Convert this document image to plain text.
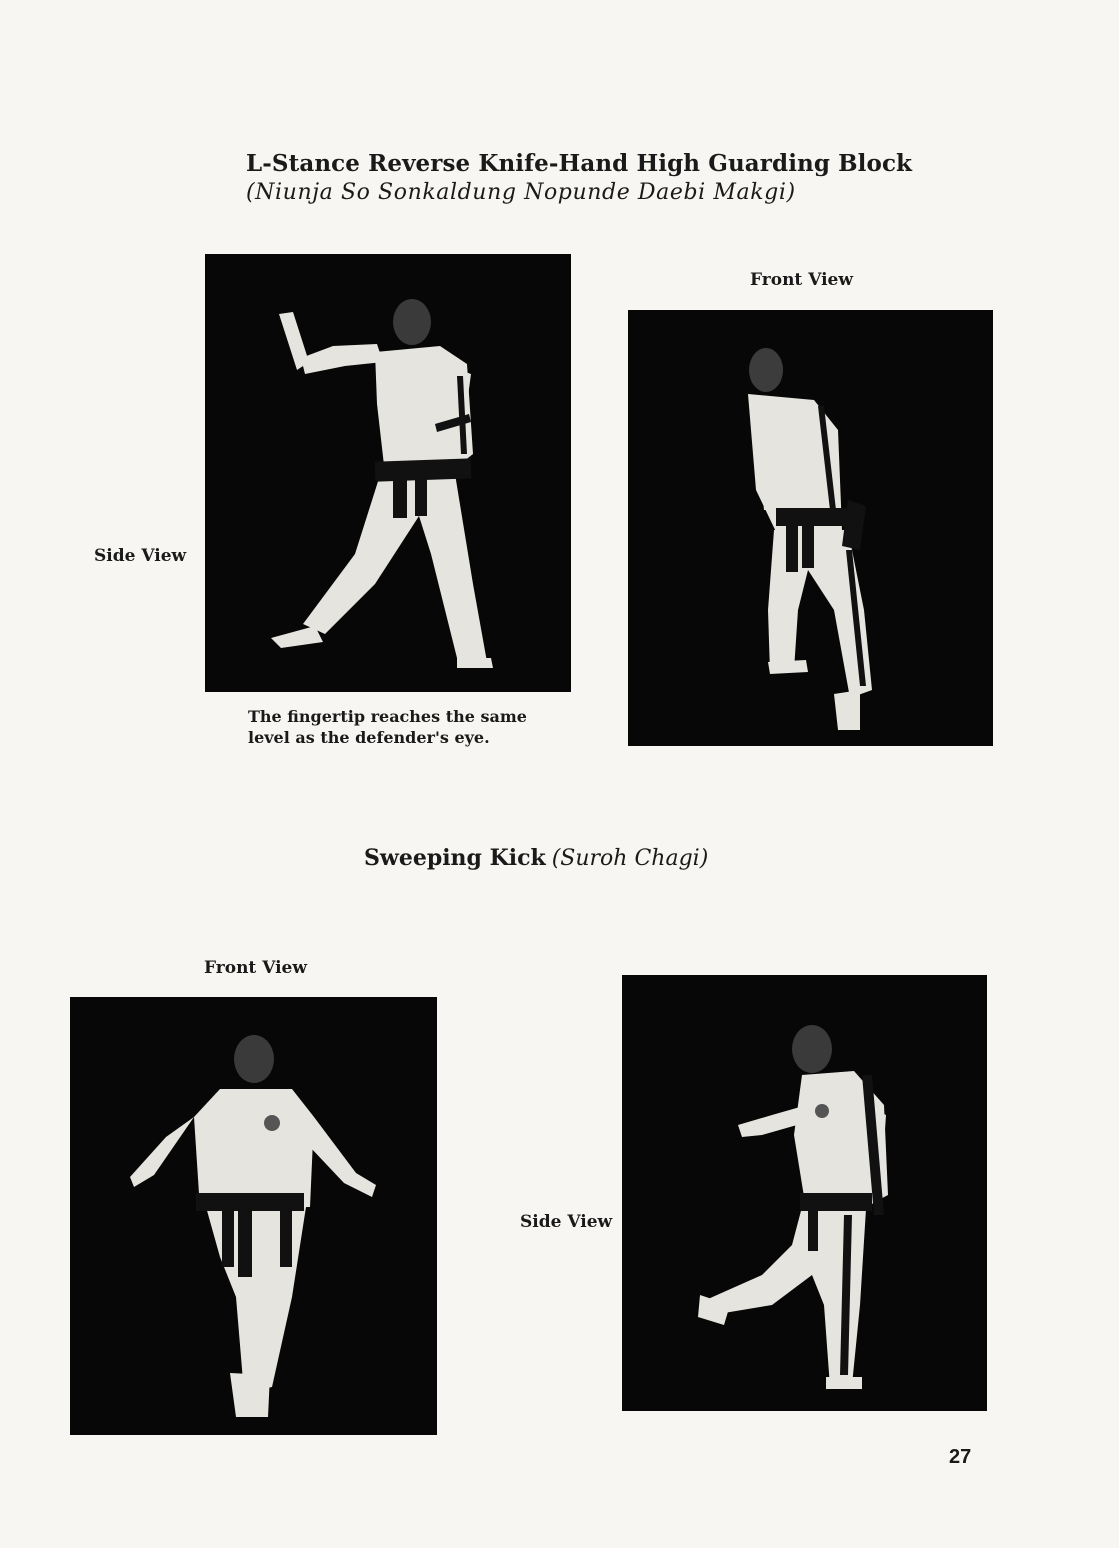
L-Stance Reverse Knife-Hand High Guarding Block
(Niunja So Sonkaldung Nopunde Daebi Makgi)
Side View
The fingertip reaches the same level as the defender's eye.
Front View
Sweeping Kick (Suroh Chagi)
Front View
Side View
27
